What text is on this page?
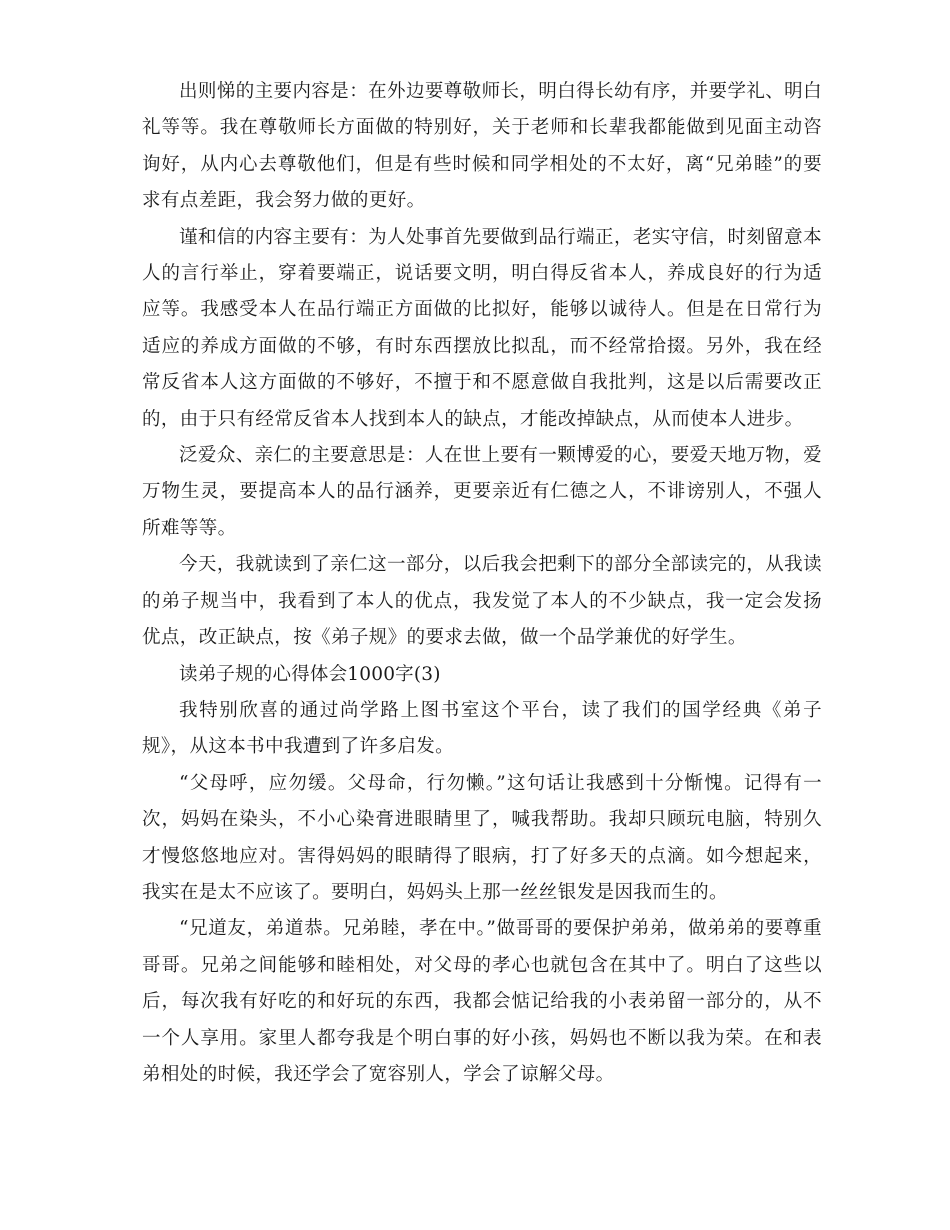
出则悌的主要内容是：在外边要尊敬师长，明白得长幼有序，并要学礼、明白礼等等。我在尊敬师长方面做的特别好，关于老师和长辈我都能做到见面主动咨询好，从内心去尊敬他们，但是有些时候和同学相处的不太好，离“兄弟睦”的要求有点差距，我会努力做的更好。

谨和信的内容主要有：为人处事首先要做到品行端正，老实守信，时刻留意本人的言行举止，穿着要端正，说话要文明，明白得反省本人，养成良好的行为适应等。我感受本人在品行端正方面做的比拟好，能够以诚待人。但是在日常行为适应的养成方面做的不够，有时东西摆放比拟乱，而不经常拾掇。另外，我在经常反省本人这方面做的不够好，不擅于和不愿意做自我批判，这是以后需要改正的，由于只有经常反省本人找到本人的缺点，才能改掉缺点，从而使本人进步。

泛爱众、亲仁的主要意思是：人在世上要有一颗博爱的心，要爱天地万物，爱万物生灵，要提高本人的品行涵养，更要亲近有仁德之人，不诽谤别人，不强人所难等等。

今天，我就读到了亲仁这一部分，以后我会把剩下的部分全部读完的，从我读的弟子规当中，我看到了本人的优点，我发觉了本人的不少缺点，我一定会发扬优点，改正缺点，按《弟子规》的要求去做，做一个品学兼优的好学生。

读弟子规的心得体会1000字(3)

我特别欣喜的通过尚学路上图书室这个平台，读了我们的国学经典《弟子规》，从这本书中我遭到了许多启发。

“父母呼，应勿缓。父母命，行勿懒。”这句话让我感到十分惭愧。记得有一次，妈妈在染头，不小心染膏进眼睛里了，喊我帮助。我却只顾玩电脑，特别久才慢悠悠地应对。害得妈妈的眼睛得了眼病，打了好多天的点滴。如今想起来，我实在是太不应该了。要明白，妈妈头上那一丝丝银发是因我而生的。

“兄道友，弟道恭。兄弟睦，孝在中。”做哥哥的要保护弟弟，做弟弟的要尊重哥哥。兄弟之间能够和睦相处，对父母的孝心也就包含在其中了。明白了这些以后，每次我有好吃的和好玩的东西，我都会惦记给我的小表弟留一部分的，从不一个人享用。家里人都夸我是个明白事的好小孩，妈妈也不断以我为荣。在和表弟相处的时候，我还学会了宽容别人，学会了谅解父母。
